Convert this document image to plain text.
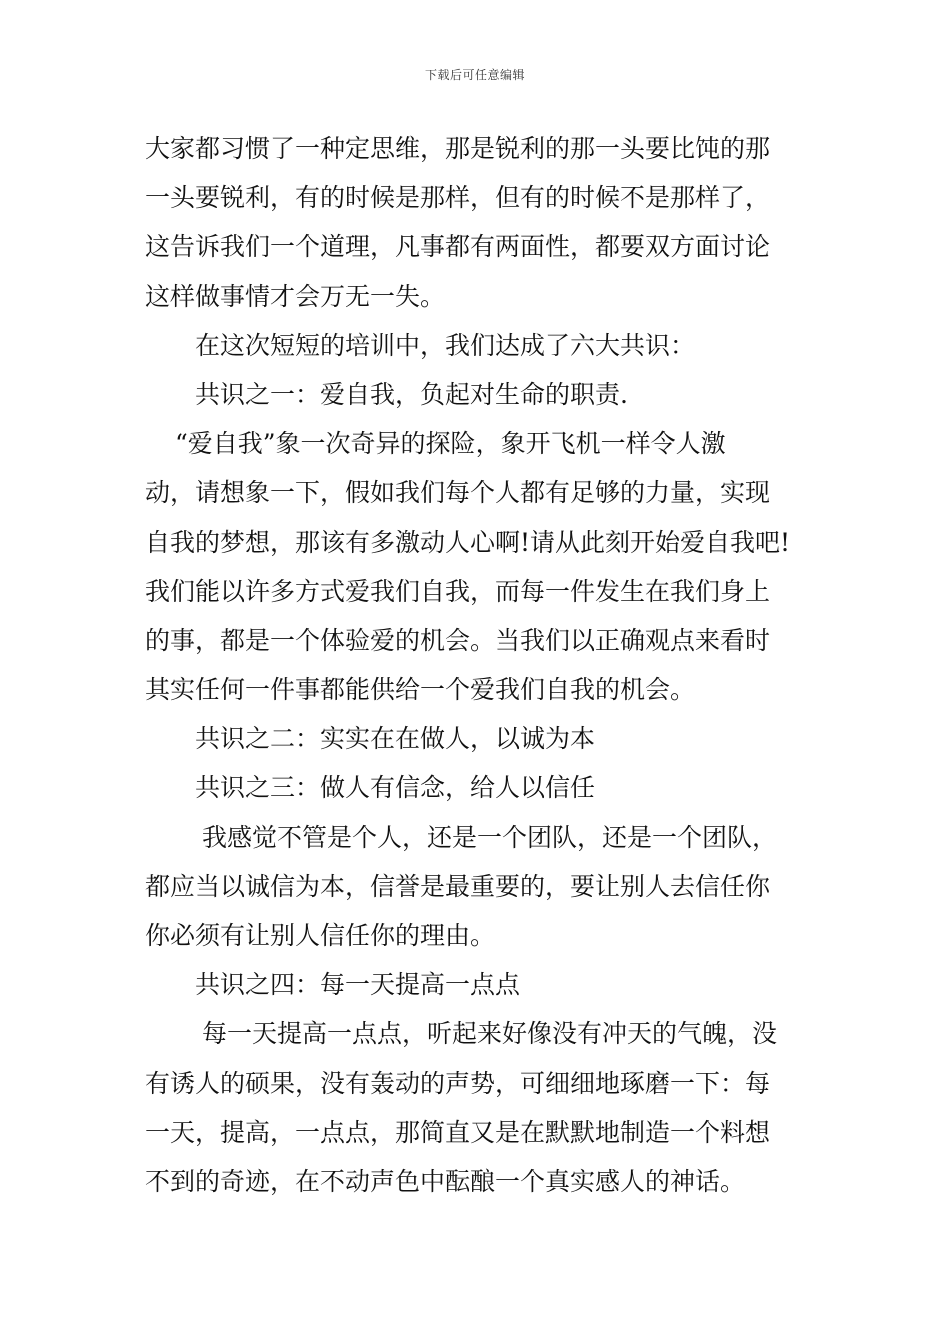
下载后可任意编辑
大家都习惯了一种定思维，那是锐利的那一头要比饨的那
一头要锐利，有的时候是那样，但有的时候不是那样了，
这告诉我们一个道理，凡事都有两面性，都要双方面讨论
这样做事情才会万无一失。
在这次短短的培训中，我们达成了六大共识：
共识之一：爱自我，负起对生命的职责.
“爱自我”象一次奇异的探险，象开飞机一样令人激
动，请想象一下，假如我们每个人都有足够的力量，实现
自我的梦想，那该有多激动人心啊!请从此刻开始爱自我吧!
我们能以许多方式爱我们自我，而每一件发生在我们身上
的事，都是一个体验爱的机会。当我们以正确观点来看时
其实任何一件事都能供给一个爱我们自我的机会。
共识之二：实实在在做人，以诚为本
共识之三：做人有信念，给人以信任
我感觉不管是个人，还是一个团队，还是一个团队，
都应当以诚信为本，信誉是最重要的，要让别人去信任你
你必须有让别人信任你的理由。
共识之四：每一天提高一点点
每一天提高一点点，听起来好像没有冲天的气魄，没
有诱人的硕果，没有轰动的声势，可细细地琢磨一下：每
一天，提高，一点点，那简直又是在默默地制造一个料想
不到的奇迹，在不动声色中酝酿一个真实感人的神话。
